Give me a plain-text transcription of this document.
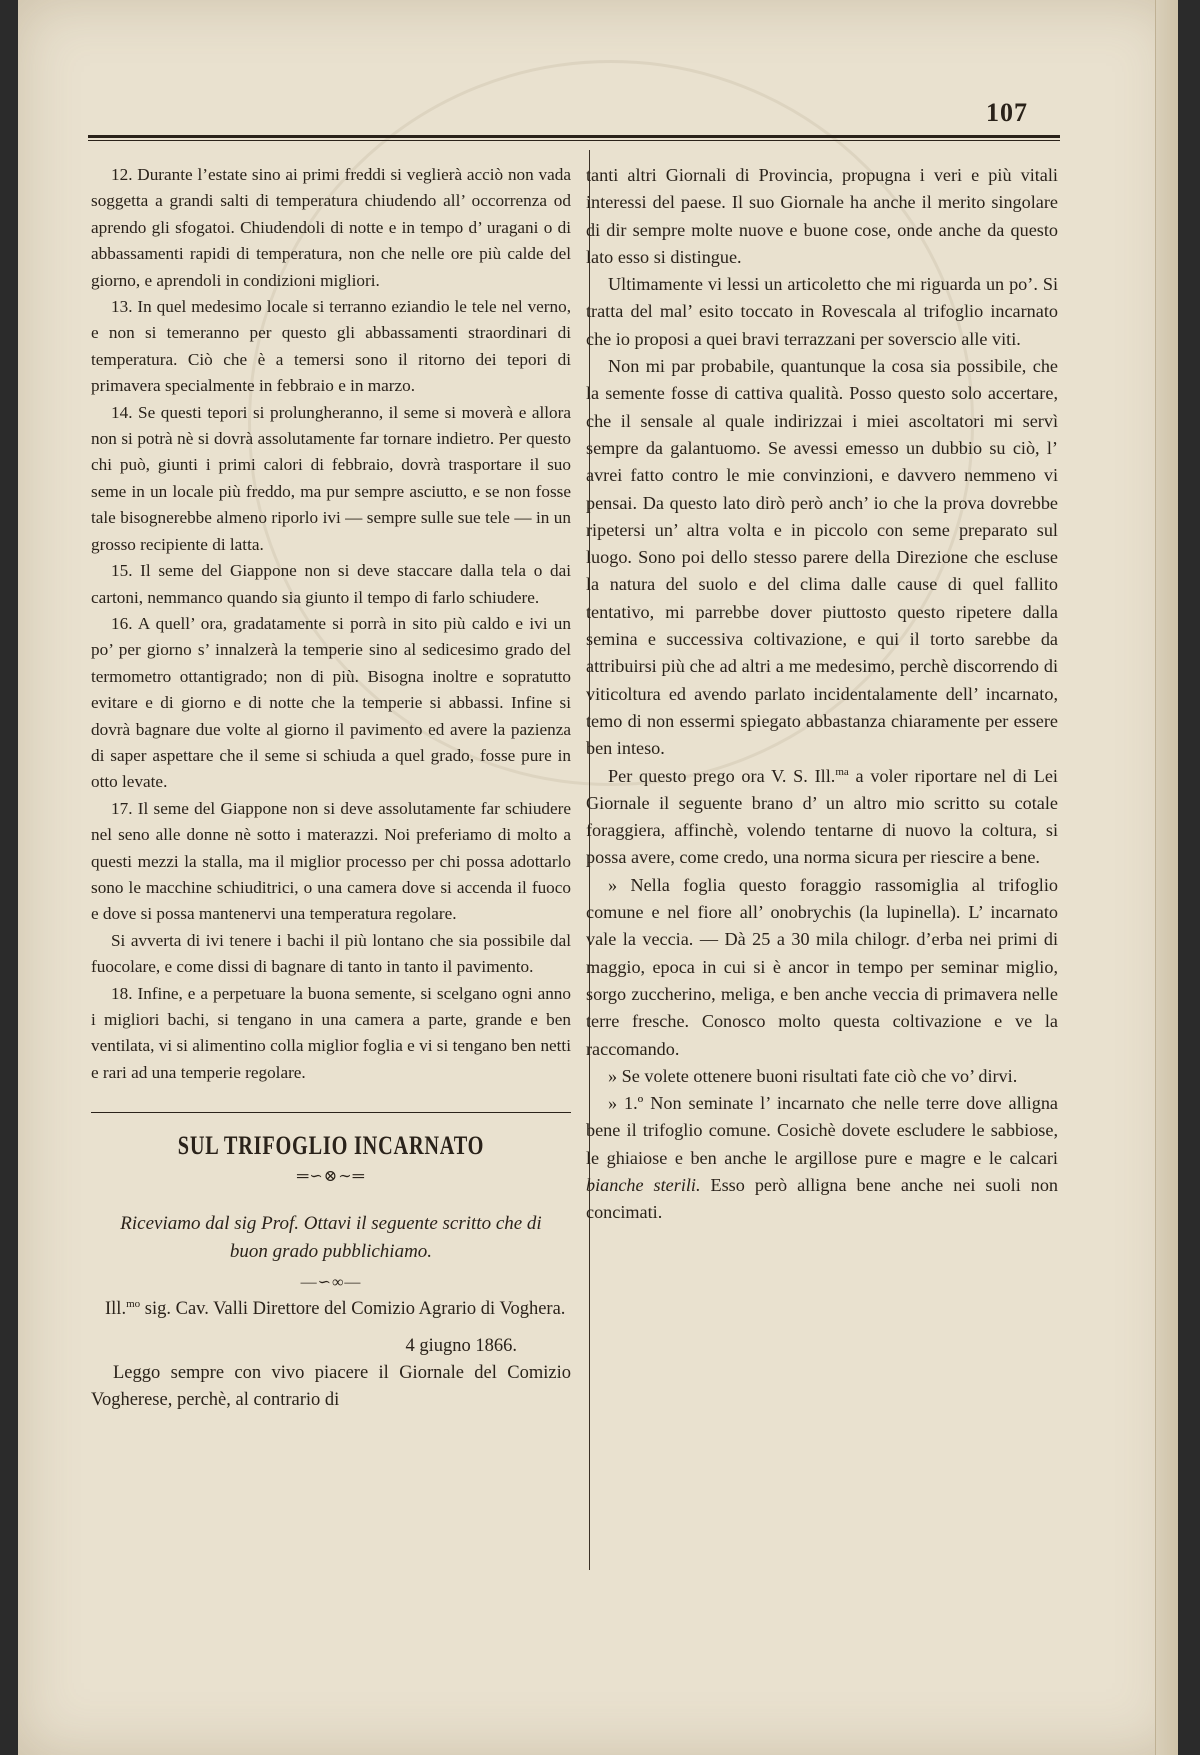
107

12. Durante l’estate sino ai primi freddi si veglierà acciò non vada soggetta a grandi salti di temperatura chiudendo all’ occorrenza od aprendo gli sfogatoi. Chiudendoli di notte e in tempo d’ uragani o di abbassamenti rapidi di temperatura, non che nelle ore più calde del giorno, e aprendoli in condizioni migliori.

13. In quel medesimo locale si terranno eziandio le tele nel verno, e non si temeranno per questo gli abbassamenti straordinari di temperatura. Ciò che è a temersi sono il ritorno dei tepori di primavera specialmente in febbraio e in marzo.

14. Se questi tepori si prolungheranno, il seme si moverà e allora non si potrà nè si dovrà assolutamente far tornare indietro. Per questo chi può, giunti i primi calori di febbraio, dovrà trasportare il suo seme in un locale più freddo, ma pur sempre asciutto, e se non fosse tale bisognerebbe almeno riporlo ivi — sempre sulle sue tele — in un grosso recipiente di latta.

15. Il seme del Giappone non si deve staccare dalla tela o dai cartoni, nemmanco quando sia giunto il tempo di farlo schiudere.

16. A quell’ ora, gradatamente si porrà in sito più caldo e ivi un po’ per giorno s’ innalzerà la temperie sino al sedicesimo grado del termometro ottantigrado; non di più. Bisogna inoltre e sopratutto evitare e di giorno e di notte che la temperie si abbassi. Infine si dovrà bagnare due volte al giorno il pavimento ed avere la pazienza di saper aspettare che il seme si schiuda a quel grado, fosse pure in otto levate.

17. Il seme del Giappone non si deve assolutamente far schiudere nel seno alle donne nè sotto i materazzi. Noi preferiamo di molto a questi mezzi la stalla, ma il miglior processo per chi possa adottarlo sono le macchine schiuditrici, o una camera dove si accenda il fuoco e dove si possa mantenervi una temperatura regolare.

Si avverta di ivi tenere i bachi il più lontano che sia possibile dal fuocolare, e come dissi di bagnare di tanto in tanto il pavimento.

18. Infine, e a perpetuare la buona semente, si scelgano ogni anno i migliori bachi, si tengano in una camera a parte, grande e ben ventilata, vi si alimentino colla miglior foglia e vi si tengano ben netti e rari ad una temperie regolare.

SUL TRIFOGLIO INCARNATO
═∽⊗∼═
Riceviamo dal sig Prof. Ottavi il seguente scritto che di buon grado pubblichiamo.
—∽∞—

Ill.$^{mo}$ sig. Cav. Valli Direttore del Comizio Agrario di Voghera.

4 giugno 1866.

Leggo sempre con vivo piacere il Giornale del Comizio Vogherese, perchè, al contrario di

tanti altri Giornali di Provincia, propugna i veri e più vitali interessi del paese. Il suo Giornale ha anche il merito singolare di dir sempre molte nuove e buone cose, onde anche da questo lato esso si distingue.

Ultimamente vi lessi un articoletto che mi riguarda un po’. Si tratta del mal’ esito toccato in Rovescala al trifoglio incarnato che io proposi a quei bravi terrazzani per soverscio alle viti.

Non mi par probabile, quantunque la cosa sia possibile, che la semente fosse di cattiva qualità. Posso questo solo accertare, che il sensale al quale indirizzai i miei ascoltatori mi servì sempre da galantuomo. Se avessi emesso un dubbio su ciò, l’ avrei fatto contro le mie convinzioni, e davvero nemmeno vi pensai. Da questo lato dirò però anch’ io che la prova dovrebbe ripetersi un’ altra volta e in piccolo con seme preparato sul luogo. Sono poi dello stesso parere della Direzione che escluse la natura del suolo e del clima dalle cause di quel fallito tentativo, mi parrebbe dover piuttosto questo ripetere dalla semina e successiva coltivazione, e qui il torto sarebbe da attribuirsi più che ad altri a me medesimo, perchè discorrendo di viticoltura ed avendo parlato incidentalamente dell’ incarnato, temo di non essermi spiegato abbastanza chiaramente per essere ben inteso.

Per questo prego ora V. S. Ill.$^{ma}$ a voler riportare nel di Lei Giornale il seguente brano d’ un altro mio scritto su cotale foraggiera, affinchè, volendo tentarne di nuovo la coltura, si possa avere, come credo, una norma sicura per riescire a bene.

» Nella foglia questo foraggio rassomiglia al trifoglio comune e nel fiore all’ onobrychis (la lupinella). L’ incarnato vale la veccia. — Dà 25 a 30 mila chilogr. d’erba nei primi di maggio, epoca in cui si è ancor in tempo per seminar miglio, sorgo zuccherino, meliga, e ben anche veccia di primavera nelle terre fresche. Conosco molto questa coltivazione e ve la raccomando.

» Se volete ottenere buoni risultati fate ciò che vo’ dirvi.

» 1.º Non seminate l’ incarnato che nelle terre dove alligna bene il trifoglio comune. Cosichè dovete escludere le sabbiose, le ghiaiose e ben anche le argillose pure e magre e le calcari bianche sterili. Esso però alligna bene anche nei suoli non concimati.
